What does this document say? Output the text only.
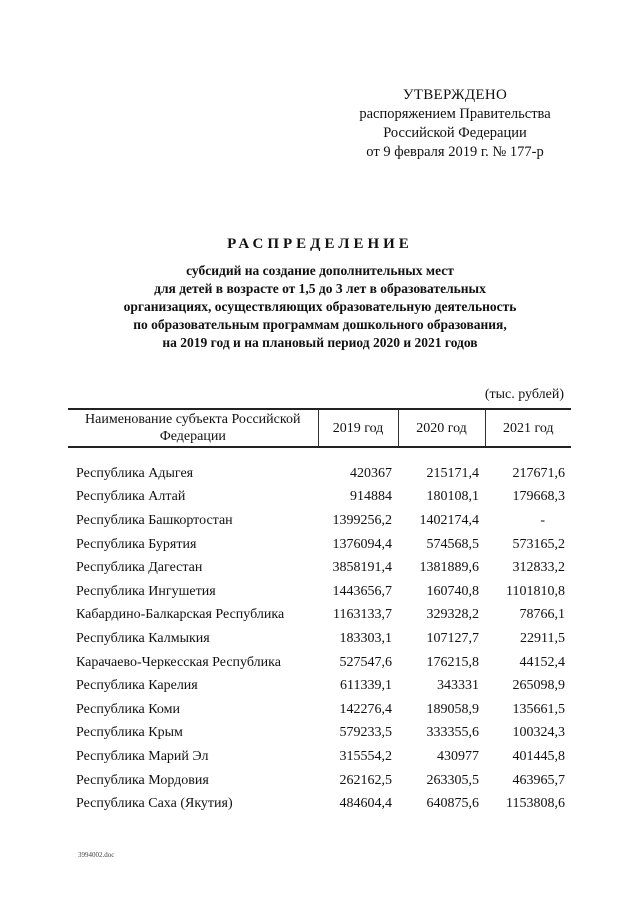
УТВЕРЖДЕНО
распоряжением Правительства
Российской Федерации
от 9 февраля 2019 г. № 177-р
РАСПРЕДЕЛЕНИЕ
субсидий на создание дополнительных мест
для детей в возрасте от 1,5 до 3 лет в образовательных
организациях, осуществляющих образовательную деятельность
по образовательным программам дошкольного образования,
на 2019 год и на плановый период 2020 и 2021 годов
(тыс. рублей)
Наименование субъекта Российской Федерации	2019 год	2020 год	2021 год

Республика Адыгея	420367	215171,4	217671,6
Республика Алтай	914884	180108,1	179668,3
Республика Башкортостан	1399256,2	1402174,4	-
Республика Бурятия	1376094,4	574568,5	573165,2
Республика Дагестан	3858191,4	1381889,6	312833,2
Республика Ингушетия	1443656,7	160740,8	1101810,8
Кабардино-Балкарская Республика	1163133,7	329328,2	78766,1
Республика Калмыкия	183303,1	107127,7	22911,5
Карачаево-Черкесская Республика	527547,6	176215,8	44152,4
Республика Карелия	611339,1	343331	265098,9
Республика Коми	142276,4	189058,9	135661,5
Республика Крым	579233,5	333355,6	100324,3
Республика Марий Эл	315554,2	430977	401445,8
Республика Мордовия	262162,5	263305,5	463965,7
Республика Саха (Якутия)	484604,4	640875,6	1153808,6
3994002.doc
